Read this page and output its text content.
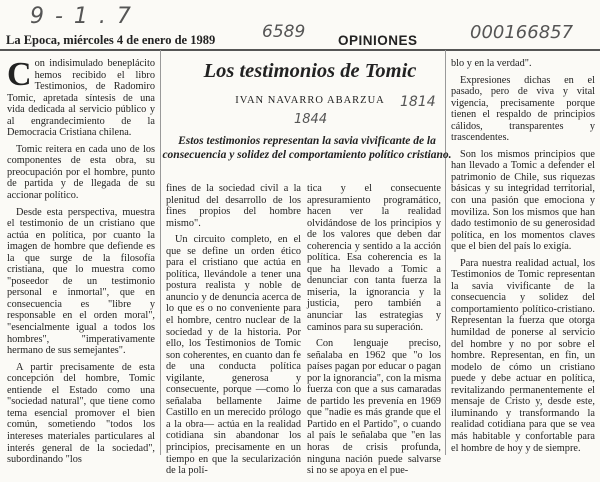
9 - 1 . 7
6589	000166857
La Epoca, miércoles 4 de enero de 1989	OPINIONES
Los testimonios de Tomic
IVAN NAVARRO ABARZUA	1814
1844
Estos testimonios representan la savia vivificante de la consecuencia y solidez del comportamiento político cristiano.

Con indisimulado beneplácito hemos recibido el libro Testimonios, de Radomiro Tomic, apretada síntesis de una vida dedicada al servicio público y al engrandecimiento de la Democracia Cristiana chilena.

Tomic reitera en cada uno de los componentes de esta obra, su preocupación por el hombre, punto de partida y de llegada de su accionar político.

Desde esta perspectiva, muestra el testimonio de un cristiano que actúa en política, por cuanto la imagen de hombre que defiende es la que surge de la filosofía cristiana, que lo muestra como "poseedor de un testimonio personal e inmortal", que en consecuencia es "libre y responsable en el orden moral", "esencialmente igual a todos los hombres", "imperativamente hermano de sus semejantes".

A partir precisamente de esta concepción del hombre, Tomic entiende el Estado como una "sociedad natural", que tiene como tema esencial promover el bien común, sometiendo "todos los intereses materiales particulares al interés general de la sociedad", subordinando "los

fines de la sociedad civil a la plenitud del desarrollo de los fines propios del hombre mismo".

Un circuito completo, en el que se define un orden ético para el cristiano que actúa en política, llevándole a tener una postura realista y noble de anuncio y de denuncia acerca de lo que es o no conveniente para el hombre, centro nuclear de la sociedad y de la historia. Por ello, los Testimonios de Tomic son coherentes, en cuanto dan fe de una conducta política vigilante, generosa y consecuente, porque —como lo señalaba bellamente Jaime Castillo en un merecido prólogo a la obra— actúa en la realidad cotidiana sin abandonar los principios, precisamente en un tiempo en que la secularización de la polí-

tica y el consecuente apresuramiento programático, hacen ver la realidad olvidándose de los principios y de los valores que deben dar coherencia y sentido a la acción política. Esa coherencia es la que ha llevado a Tomic a denunciar con tanta fuerza la miseria, la ignorancia y la justicia, pero también a anunciar las estrategias y caminos para su superación.

Con lenguaje preciso, señalaba en 1962 que "o los países pagan por educar o pagan por la ignorancia", con la misma fuerza con que a sus camaradas de partido les prevenía en 1969 que "nadie es más grande que el Partido en el Partido", o cuando al país le señalaba que "en las horas de crisis profunda, ninguna nación puede salvarse si no se apoya en el pue-

blo y en la verdad".

Expresiones dichas en el pasado, pero de viva y vital vigencia, precisamente porque tienen el respaldo de principios cálidos, transparentes y trascendentes.

Son los mismos principios que han llevado a Tomic a defender el patrimonio de Chile, sus riquezas básicas y su integridad territorial, con una pasión que emociona y moviliza. Son los mismos que han dado testimonio de su generosidad política, en los momentos claves que el bien del país lo exigía.

Para nuestra realidad actual, los Testimonios de Tomic representan la savia vivificante de la consecuencia y solidez del comportamiento político-cristiano. Representan la fuerza que otorga humildad de ponerse al servicio del hombre y no por sobre el hombre. Representan, en fin, un modelo de cómo un cristiano puede y debe actuar en política, revitalizando permanentemente el mensaje de Cristo y, desde este, iluminando y transformando la realidad cotidiana para que se vea más habitable y confortable para el hombre de hoy y de siempre.
